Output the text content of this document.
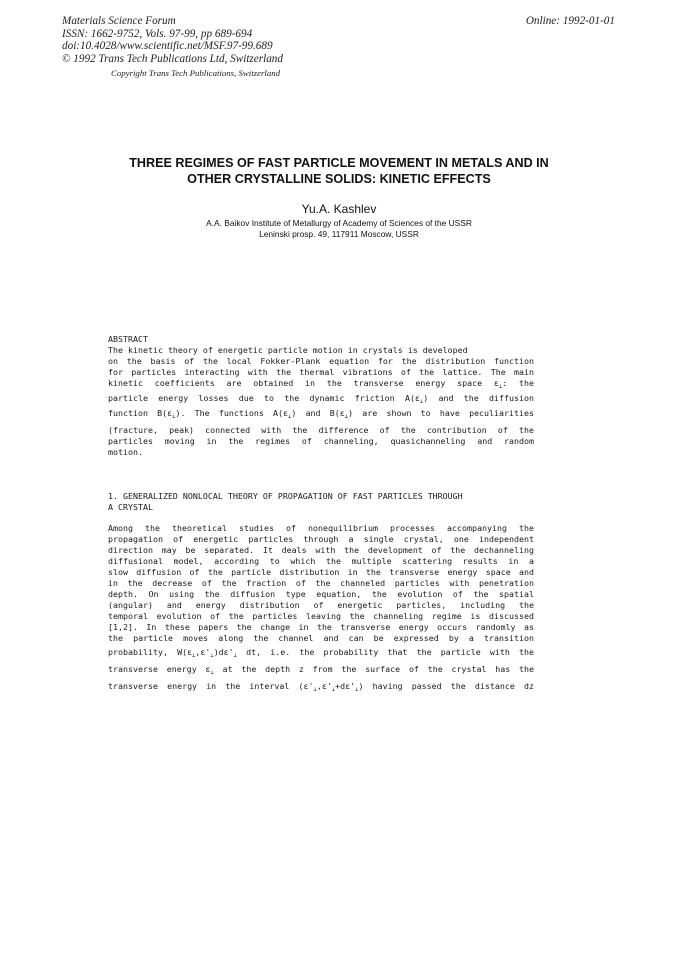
Materials Science Forum
ISSN: 1662-9752, Vols. 97-99, pp 689-694
doi:10.4028/www.scientific.net/MSF.97-99.689
© 1992 Trans Tech Publications Ltd, Switzerland
Online: 1992-01-01
Copyright Trans Tech Publications, Switzerland
THREE REGIMES OF FAST PARTICLE MOVEMENT IN METALS AND IN
OTHER CRYSTALLINE SOLIDS: KINETIC EFFECTS
Yu.A. Kashlev
A.A. Baikov Institute of Metallurgy of Academy of Sciences of the USSR
Leninski prosp. 49, 117911 Moscow, USSR
ABSTRACT
The kinetic theory of energetic particle motion in crystals is developed
on the basis of the local Fokker-Plank equation for the distribution function
for particles interacting with the thermal vibrations of the lattice. The main
kinetic coefficients are obtained in the transverse energy space $\varepsilon_\perp$: the
particle energy losses due to the dynamic friction $A(\varepsilon_\perp)$ and the diffusion
function $B(\varepsilon_\perp)$. The functions $A(\varepsilon_\perp)$ and $B(\varepsilon_\perp)$ are shown to have peculiarities
(fracture, peak) connected with the difference of the contribution of the
particles moving in the regimes of channeling, quasichanneling and random
motion.
1. GENERALIZED NONLOCAL THEORY OF PROPAGATION OF FAST PARTICLES THROUGH
A CRYSTAL
Among the theoretical studies of nonequilibrium processes accompanying the
propagation of energetic particles through a single crystal, one independent
direction may be separated. It deals with the development of the dechanneling
diffusional model, according to which the multiple scattering results in a
slow diffusion of the particle distribution in the transverse energy space and
in the decrease of the fraction of the channeled particles with penetration
depth. On using the diffusion type equation, the evolution of the spatial
(angular) and energy distribution of energetic particles, including the
temporal evolution of the particles leaving the channeling regime is discussed
[1,2]. In these papers the change in the transverse energy occurs randomly as
the particle moves along the channel and can be expressed by a transition
probability, $W(\varepsilon_\perp,\varepsilon'_\perp)d\varepsilon'_\perp$ dt, i.e. the probability that the particle with the
transverse energy $\varepsilon_\perp$ at the depth z from the surface of the crystal has the
transverse energy in the interval $(\varepsilon'_\perp,\varepsilon'_\perp+d\varepsilon'_\perp)$ having passed the distance dz
